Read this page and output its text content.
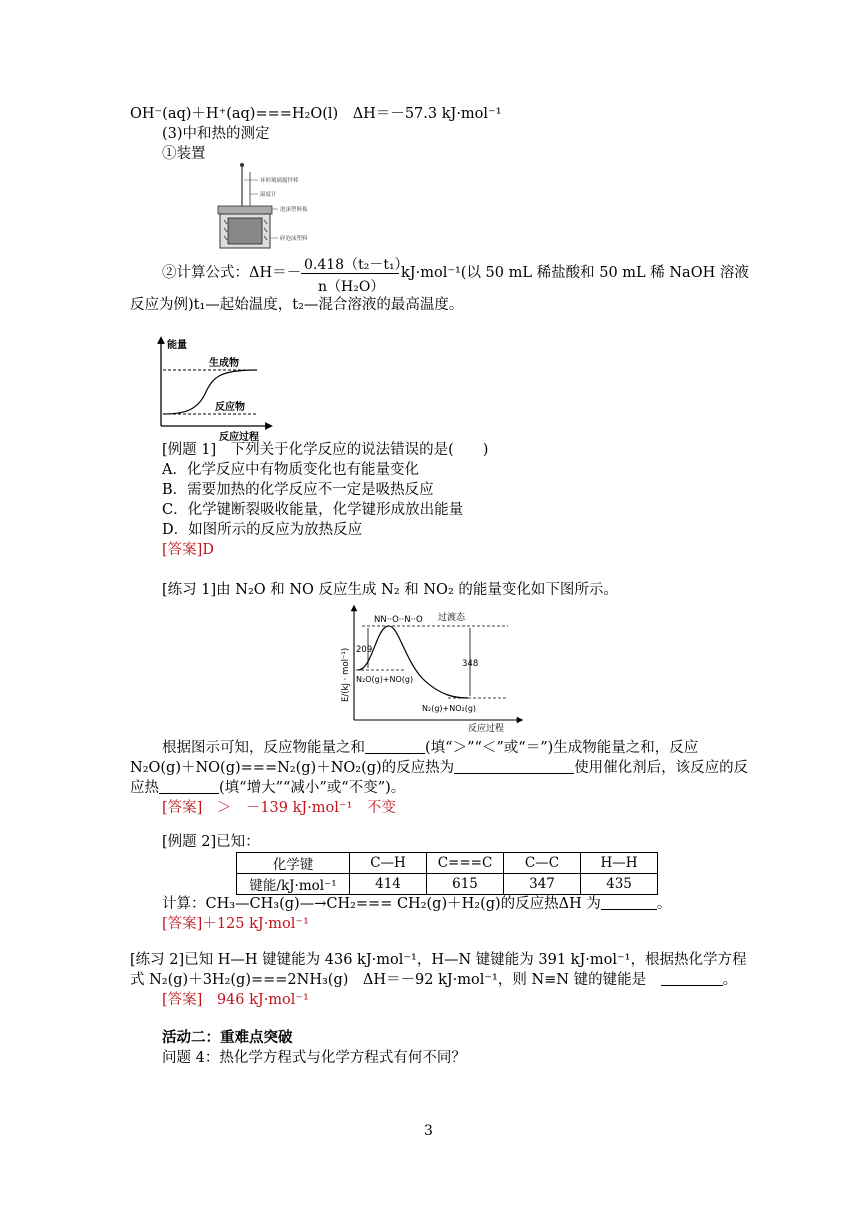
OH⁻(aq)＋H⁺(aq)===H₂O(l)　ΔH＝－57.3 kJ·mol⁻¹
(3)中和热的测定
①装置
环形玻璃搅拌棒
温度计
泡沫塑料板
碎泡沫塑料
②计算公式：ΔH＝－ 0.418（t₂－t₁）
n（H₂O）
kJ·mol⁻¹(以 50 mL 稀盐酸和 50 mL 稀 NaOH 溶液
反应为例)t₁—起始温度，t₂—混合溶液的最高温度。
能量
反应过程
生成物
反应物
[例题 1]　下列关于化学反应的说法错误的是(　　)
A．化学反应中有物质变化也有能量变化
B．需要加热的化学反应不一定是吸热反应
C．化学键断裂吸收能量，化学键形成放出能量
D．如图所示的反应为放热反应
[答案]D
[练习 1]由 N₂O 和 NO 反应生成 N₂ 和 NO₂ 的能量变化如下图所示。
E/(kJ · mol⁻¹)
反应过程
NN··O··N··O 过渡态
209
348
N₂O(g)+NO(g)
N₂(g)+NO₂(g)
根据图示可知，反应物能量之和	(填“＞”“＜”或“＝”)生成物能量之和，反应
N₂O(g)＋NO(g)===N₂(g)＋NO₂(g)的反应热为	使用催化剂后，该反应的反
应热	(填“增大”“减小”或“不变”)。
[答案]　＞　－139 kJ·mol⁻¹　不变
[例题 2]已知：
化学键	C—H	C===C	C—C	H—H
键能/kJ·mol⁻¹	414	615	347	435
计算：CH₃—CH₃(g)—→CH₂=== CH₂(g)＋H₂(g)的反应热ΔH 为	。
[答案]＋125 kJ·mol⁻¹
[练习 2]已知 H—H 键键能为 436 kJ·mol⁻¹，H—N 键键能为 391 kJ·mol⁻¹，根据热化学方程
式 N₂(g)＋3H₂(g)===2NH₃(g)　ΔH＝－92 kJ·mol⁻¹，则 N≡N 键的键能是　	。
[答案]　946 kJ·mol⁻¹
活动二：重难点突破
问题 4：热化学方程式与化学方程式有何不同？
3
